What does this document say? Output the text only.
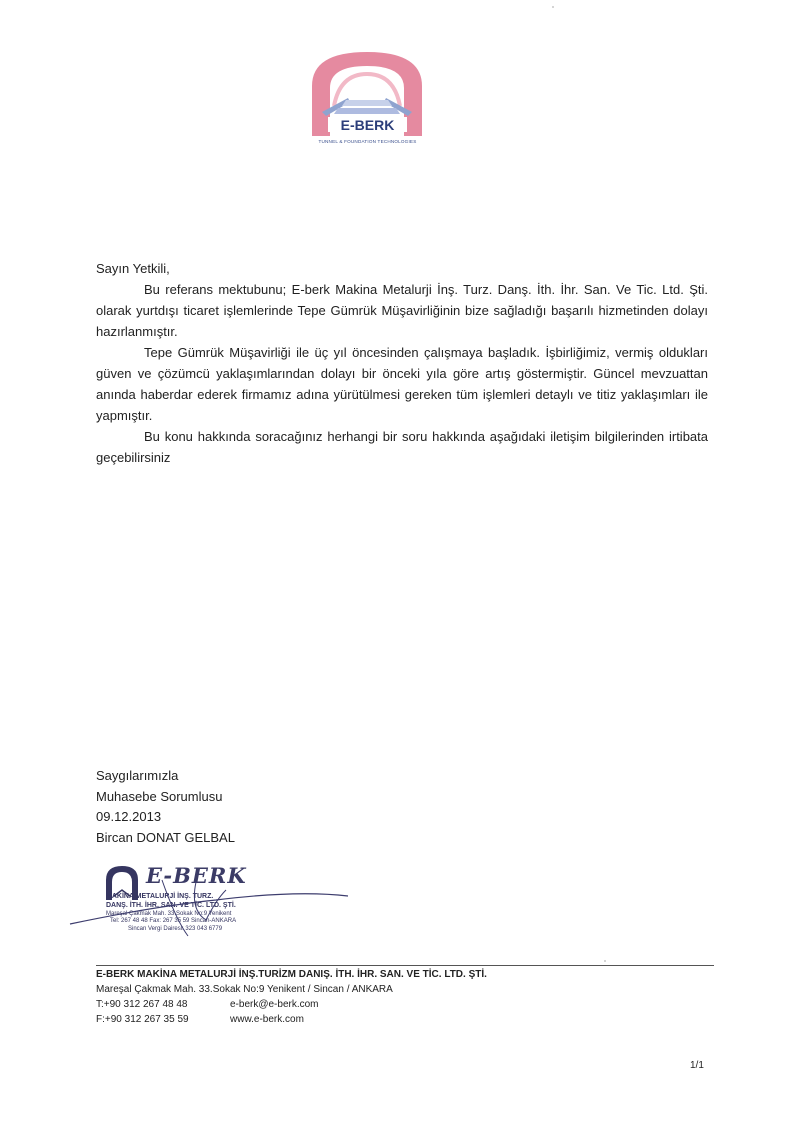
E-BERK
TUNNEL & FOUNDATION TECHNOLOGIES

Sayın Yetkili,

Bu referans mektubunu; E-berk Makina Metalurji İnş. Turz. Danş. İth. İhr. San. Ve Tic. Ltd. Şti. olarak yurtdışı ticaret işlemlerinde Tepe Gümrük Müşavirliğinin bize sağladığı başarılı hizmetinden dolayı hazırlanmıştır.

Tepe Gümrük Müşavirliği ile üç yıl öncesinden çalışmaya başladık. İşbirliğimiz, vermiş oldukları güven ve çözümcü yaklaşımlarından dolayı bir önceki yıla göre artış göstermiştir. Güncel mevzuattan anında haberdar ederek firmamız adına yürütülmesi gereken tüm işlemleri detaylı ve titiz yaklaşımları ile yapmıştır.

Bu konu hakkında soracağınız herhangi bir soru hakkında aşağıdaki iletişim bilgilerinden irtibata geçebilirsiniz

Saygılarımızla
Muhasebe Sorumlusu
09.12.2013
Bircan DONAT GELBAL
E-BERK
MAKİNA METALURJİ İNŞ. TURZ.
DANŞ. İTH. İHR. SAN. VE TİC. LTD. ŞTİ.
Mareşal Çakmak Mah. 33.Sokak No:9 Yenikent
Tel: 267 48 48 Fax: 267 35 59 Sincan-ANKARA
Sincan Vergi Dairesi: 323 043 6779
E-BERK MAKİNA METALURJİ İNŞ.TURİZM DANIŞ. İTH. İHR. SAN. VE TİC. LTD. ŞTİ.
Mareşal Çakmak Mah. 33.Sokak No:9 Yenikent / Sincan / ANKARA
T:+90 312 267 48 48	e-berk@e-berk.com
F:+90 312 267 35 59	www.e-berk.com
1/1
